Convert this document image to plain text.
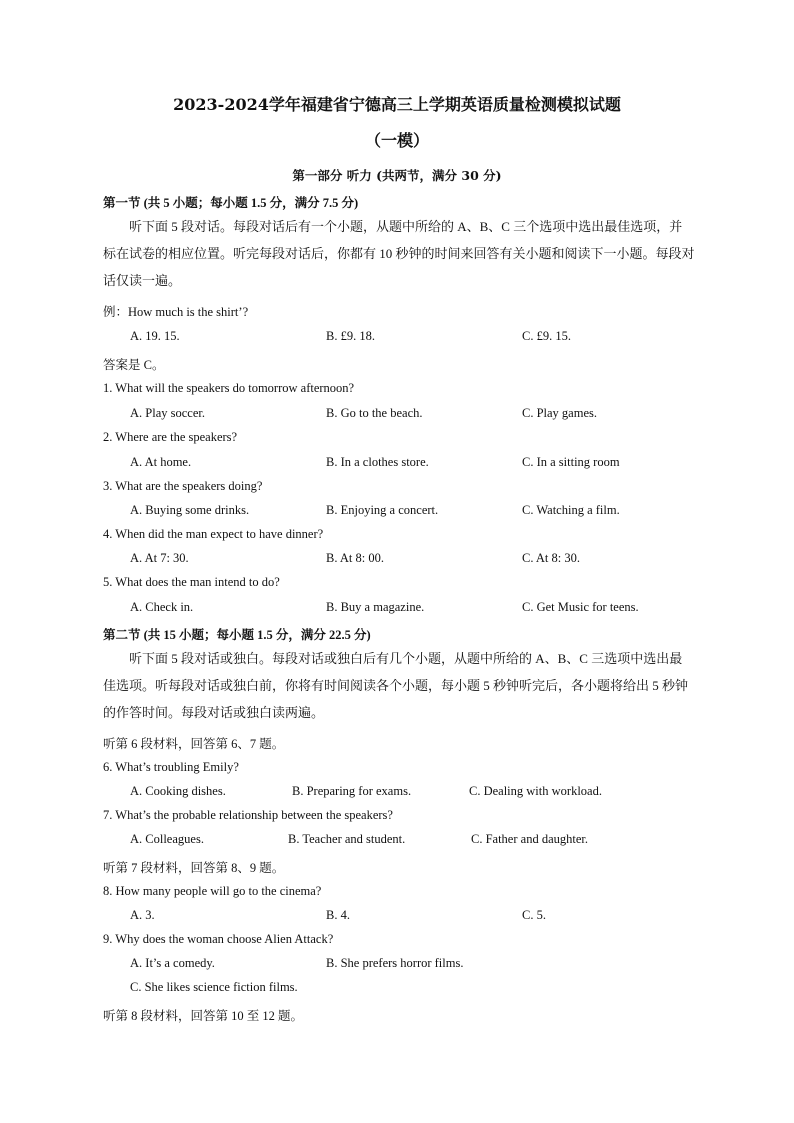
2023-2024学年福建省宁德高三上学期英语质量检测模拟试题
（一模）
第一部分 听力 (共两节，满分 30 分)
第一节 (共 5 小题；每小题 1.5 分，满分 7.5 分)
听下面 5 段对话。每段对话后有一个小题，从题中所给的 A、B、C 三个选项中选出最佳选项，并标在试卷的相应位置。听完每段对话后，你都有 10 秒钟的时间来回答有关小题和阅读下一小题。每段对话仅读一遍。
例：How much is the shirt’?
A. 19. 15.	B. £9. 18.	C. £9. 15.
答案是 C。
1. What will the speakers do tomorrow afternoon?
A. Play soccer.	B. Go to the beach.	C. Play games.
2. Where are the speakers?
A. At home.	B. In a clothes store.	C. In a sitting room
3. What are the speakers doing?
A. Buying some drinks.	B. Enjoying a concert.	C. Watching a film.
4. When did the man expect to have dinner?
A. At 7: 30.	B. At 8: 00.	C. At 8: 30.
5. What does the man intend to do?
A. Check in.	B. Buy a magazine.	C. Get Music for teens.
第二节 (共 15 小题；每小题 1.5 分，满分 22.5 分)
听下面 5 段对话或独白。每段对话或独白后有几个小题，从题中所给的 A、B、C 三选项中选出最佳选项。听每段对话或独白前，你将有时间阅读各个小题，每小题 5 秒钟听完后，各小题将给出 5 秒钟的作答时间。每段对话或独白读两遍。
听第 6 段材料，回答第 6、7 题。
6. What’s troubling Emily?
A. Cooking dishes.	B. Preparing for exams.	C. Dealing with workload.
7. What’s the probable relationship between the speakers?
A. Colleagues.	B. Teacher and student.	C. Father and daughter.
听第 7 段材料，回答第 8、9 题。
8. How many people will go to the cinema?
A. 3.	B. 4.	C. 5.
9. Why does the woman choose Alien Attack?
A. It’s a comedy.	B. She prefers horror films.
C. She likes science fiction films.
听第 8 段材料，回答第 10 至 12 题。
